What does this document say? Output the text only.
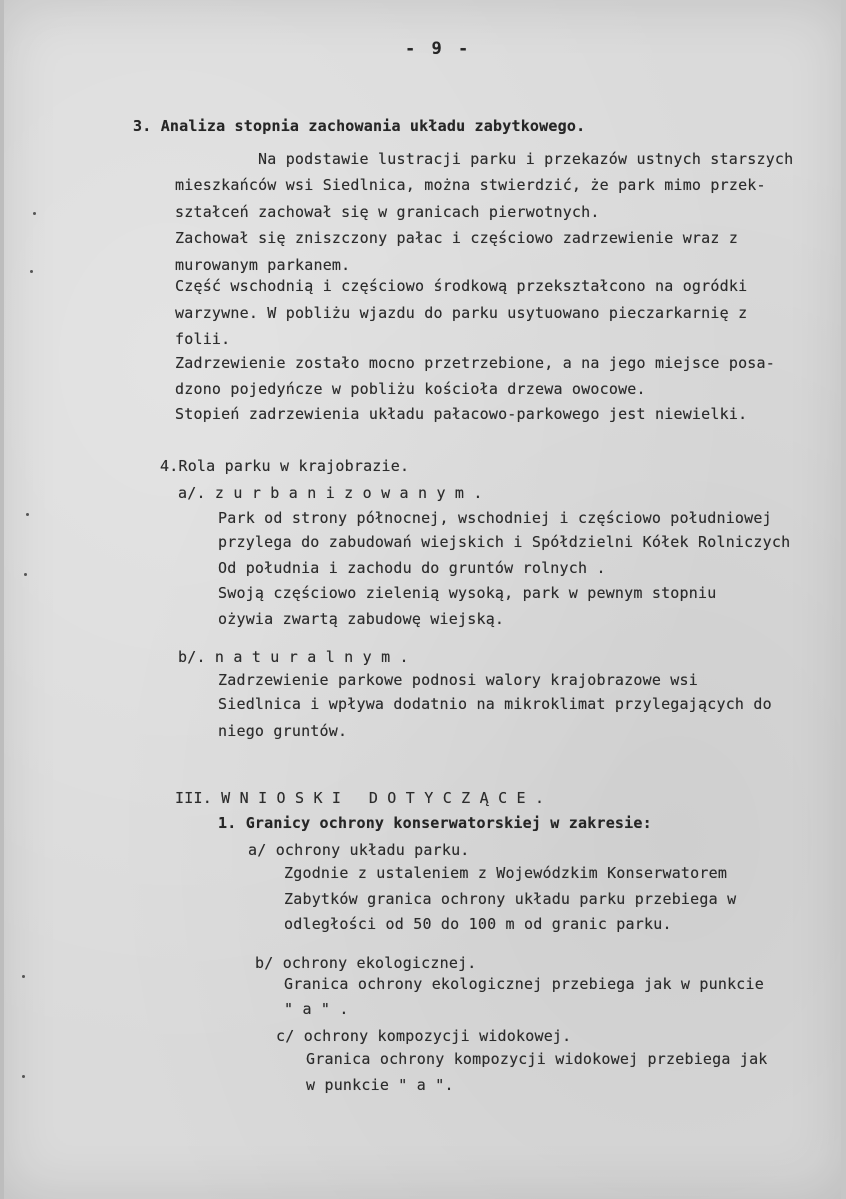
- 9 -

3. Analiza stopnia zachowania układu zabytkowego.

Na podstawie lustracji parku i przekazów ustnych starszych

mieszkańców wsi Siedlnica, można stwierdzić, że park mimo przek-

ształceń zachował się w granicach pierwotnych.

Zachował się zniszczony pałac i częściowo zadrzewienie wraz z

murowanym parkanem.

Część wschodnią i częściowo środkową przekształcono na ogródki

warzywne. W pobliżu wjazdu do parku usytuowano pieczarkarnię z

folii.

Zadrzewienie zostało mocno przetrzebione, a na jego miejsce posa-

dzono pojedyńcze w pobliżu kościoła drzewa owocowe.

Stopień zadrzewienia układu pałacowo-parkowego jest niewielki.

4.Rola parku w krajobrazie.

a/. z u r b a n i z o w a n y m .

Park od strony północnej, wschodniej i częściowo południowej

przylega do zabudowań wiejskich i Spółdzielni Kółek Rolniczych

Od południa i zachodu do gruntów rolnych .

Swoją częściowo zielenią wysoką, park w pewnym stopniu

ożywia zwartą zabudowę wiejską.

b/. n a t u r a l n y m .

Zadrzewienie parkowe podnosi walory krajobrazowe wsi

Siedlnica i wpływa dodatnio na mikroklimat przylegających do

niego gruntów.

III. W N I O S K I   D O T Y C Z Ą C E .

1. Granicy ochrony konserwatorskiej w zakresie:

a/ ochrony układu parku.

Zgodnie z ustaleniem z Wojewódzkim Konserwatorem

Zabytków granica ochrony układu parku przebiega w

odległości od 50 do 100 m od granic parku.

b/ ochrony ekologicznej.

Granica ochrony ekologicznej przebiega jak w punkcie

" a " .

c/ ochrony kompozycji widokowej.

Granica ochrony kompozycji widokowej przebiega jak

w punkcie " a ".
